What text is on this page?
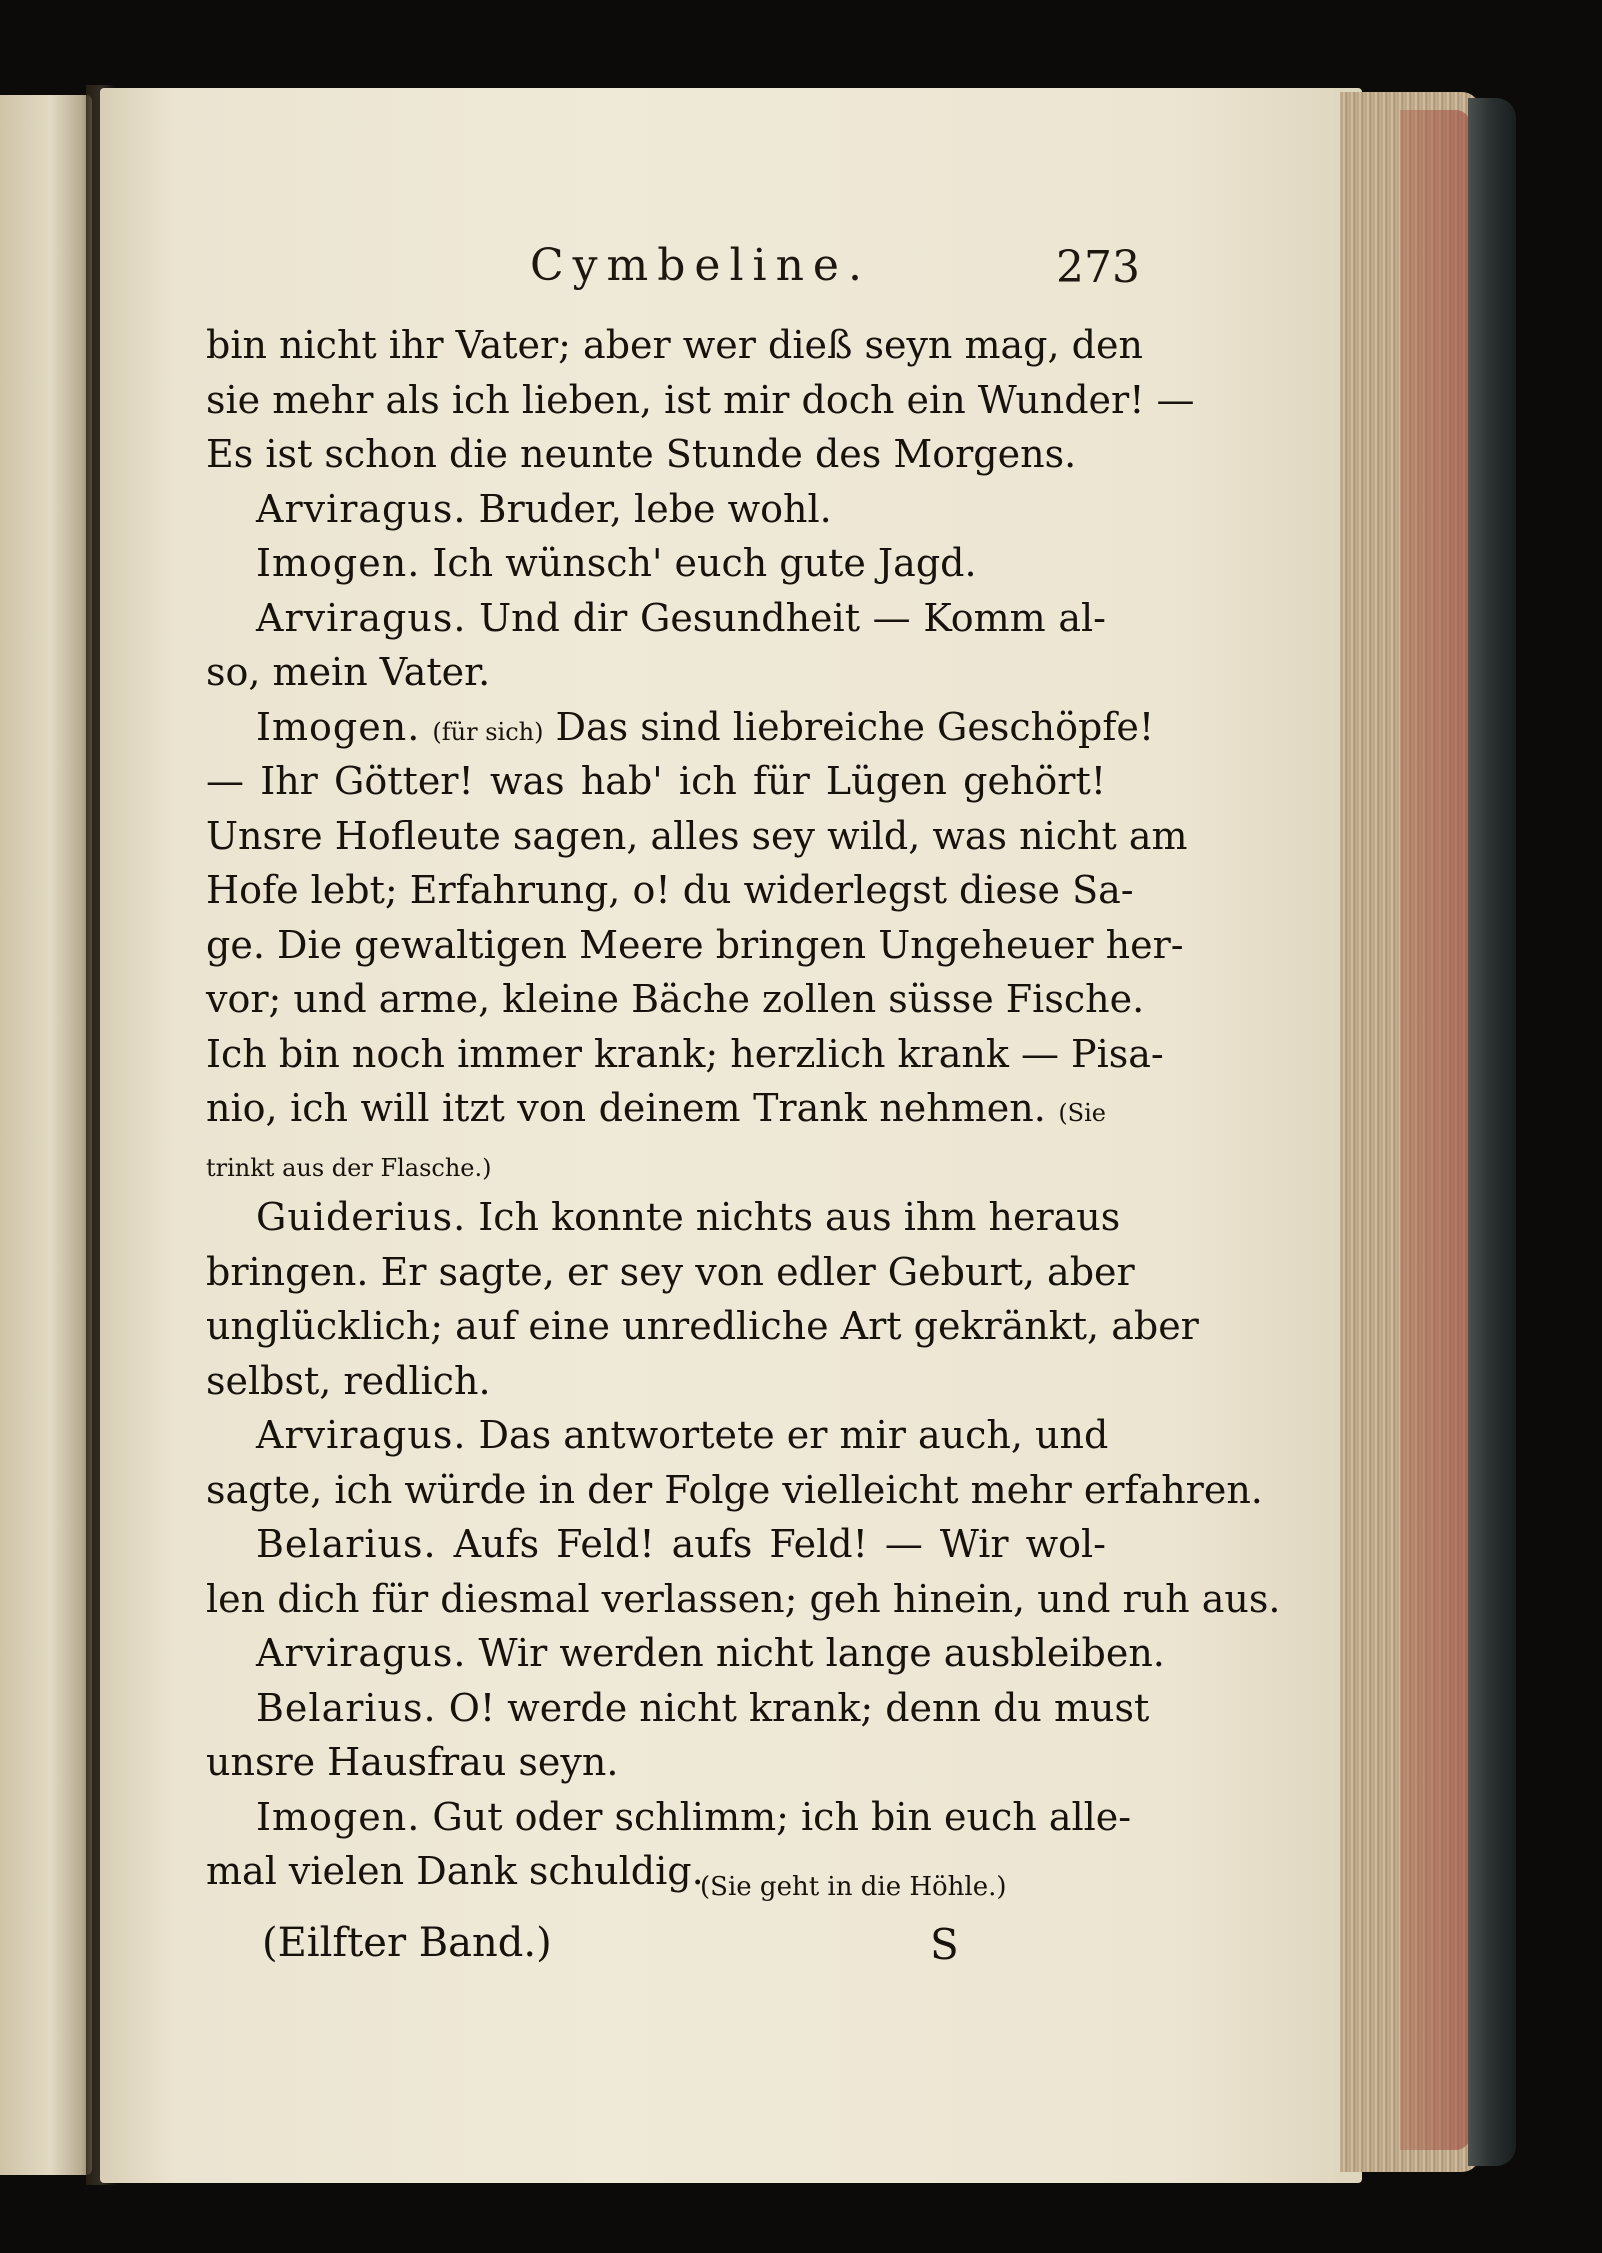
Cymbeline.	273
bin nicht ihr Vater; aber wer dieß seyn mag, den
sie mehr als ich lieben, ist mir doch ein Wunder! —
Es ist schon die neunte Stunde des Morgens.
Arviragus. Bruder, lebe wohl.
Imogen. Ich wünsch' euch gute Jagd.
Arviragus. Und dir Gesundheit — Komm al-
so, mein Vater.
Imogen. (für sich) Das sind liebreiche Geschöpfe!
— Ihr Götter! was hab' ich für Lügen gehört!
Unsre Hofleute sagen, alles sey wild, was nicht am
Hofe lebt; Erfahrung, o! du widerlegst diese Sa-
ge. Die gewaltigen Meere bringen Ungeheuer her-
vor; und arme, kleine Bäche zollen süsse Fische.
Ich bin noch immer krank; herzlich krank — Pisa-
nio, ich will itzt von deinem Trank nehmen. (Sie
trinkt aus der Flasche.)
Guiderius. Ich konnte nichts aus ihm heraus
bringen. Er sagte, er sey von edler Geburt, aber
unglücklich; auf eine unredliche Art gekränkt, aber
selbst, redlich.
Arviragus. Das antwortete er mir auch, und
sagte, ich würde in der Folge vielleicht mehr erfahren.
Belarius. Aufs Feld! aufs Feld! — Wir wol-
len dich für diesmal verlassen; geh hinein, und ruh aus.
Arviragus. Wir werden nicht lange ausbleiben.
Belarius. O! werde nicht krank; denn du must
unsre Hausfrau seyn.
Imogen. Gut oder schlimm; ich bin euch alle-
mal vielen Dank schuldig.
(Sie geht in die Höhle.)
(Eilfter Band.)	S
